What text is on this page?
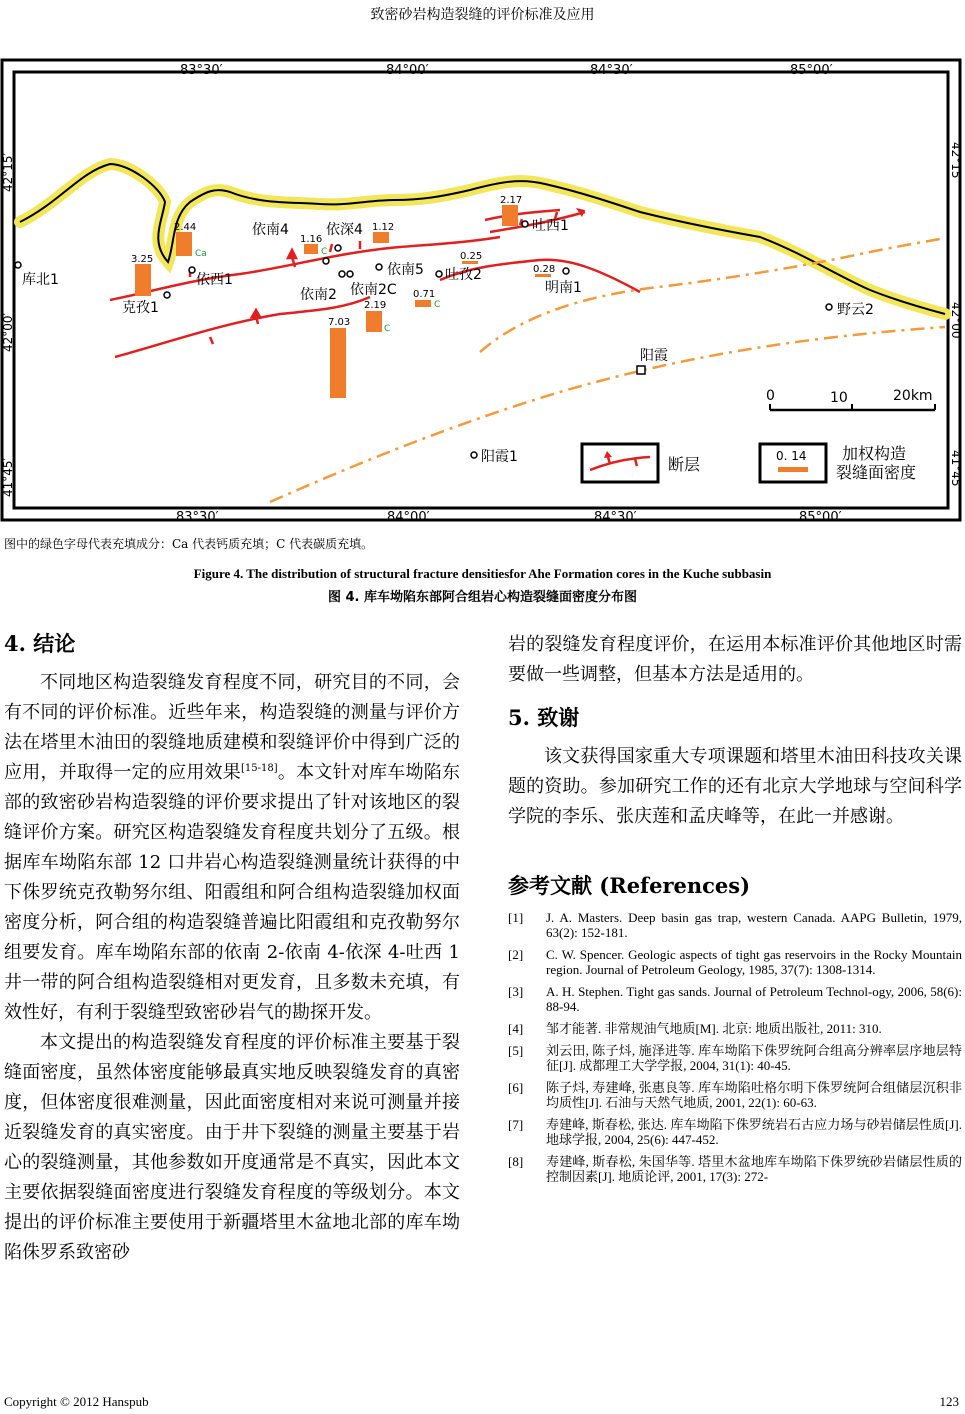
致密砂岩构造裂缝的评价标准及应用
83°30′	84°00′	84°30′	85°00′
83°30′	84°00′	84°30′	85°00′
42°15′
42°00′
41°45′
42°15′
42°00′
41°45′
3.25
2.44
1.16
1.12
2.17
0.25
0.28
2.19
0.71
7.03
Ca	C
C
C
库北1
克孜1
依西1
依南4	依深4
依南5 吐孜2
依南2 依南2C
吐西1
明南1
野云2
阳霞
阳霞1
0	10	20km
断层	0. 14 加权构造
裂缝面密度
图中的绿色字母代表充填成分：Ca 代表钙质充填；C 代表碳质充填。
Figure 4. The distribution of structural fracture densitiesfor Ahe Formation cores in the Kuche subbasin
图 4. 库车坳陷东部阿合组岩心构造裂缝面密度分布图
4. 结论

不同地区构造裂缝发育程度不同，研究目的不同，会有不同的评价标准。近些年来，构造裂缝的测量与评价方法在塔里木油田的裂缝地质建模和裂缝评价中得到广泛的应用，并取得一定的应用效果[15-18]。本文针对库车坳陷东部的致密砂岩构造裂缝的评价要求提出了针对该地区的裂缝评价方案。研究区构造裂缝发育程度共划分了五级。根据库车坳陷东部 12 口井岩心构造裂缝测量统计获得的中下侏罗统克孜勒努尔组、阳霞组和阿合组构造裂缝加权面密度分析，阿合组的构造裂缝普遍比阳霞组和克孜勒努尔组要发育。库车坳陷东部的依南 2-依南 4-依深 4-吐西 1 井一带的阿合组构造裂缝相对更发育，且多数未充填，有效性好，有利于裂缝型致密砂岩气的勘探开发。

本文提出的构造裂缝发育程度的评价标准主要基于裂缝面密度，虽然体密度能够最真实地反映裂缝发育的真密度，但体密度很难测量，因此面密度相对来说可测量并接近裂缝发育的真实密度。由于井下裂缝的测量主要基于岩心的裂缝测量，其他参数如开度通常是不真实，因此本文主要依据裂缝面密度进行裂缝发育程度的等级划分。本文提出的评价标准主要使用于新疆塔里木盆地北部的库车坳陷侏罗系致密砂

岩的裂缝发育程度评价，在运用本标准评价其他地区时需要做一些调整，但基本方法是适用的。

5. 致谢

该文获得国家重大专项课题和塔里木油田科技攻关课题的资助。参加研究工作的还有北京大学地球与空间科学学院的李乐、张庆莲和孟庆峰等，在此一并感谢。

参考文献 (References)
[1]	J. A. Masters. Deep basin gas trap, western Canada. AAPG Bulletin, 1979, 63(2): 152-181.
[2]	C. W. Spencer. Geologic aspects of tight gas reservoirs in the Rocky Mountain region. Journal of Petroleum Geology, 1985, 37(7): 1308-1314.
[3]	A. H. Stephen. Tight gas sands. Journal of Petroleum Technol-ogy, 2006, 58(6): 88-94.
[4]	邹才能著. 非常规油气地质[M]. 北京: 地质出版社, 2011: 310.
[5]	刘云田, 陈子炓, 施泽进等. 库车坳陷下侏罗统阿合组高分辨率层序地层特征[J]. 成都理工大学学报, 2004, 31(1): 40-45.
[6]	陈子炓, 寿建峰, 张惠良等. 库车坳陷吐格尔明下侏罗统阿合组储层沉积非均质性[J]. 石油与天然气地质, 2001, 22(1): 60-63.
[7]	寿建峰, 斯春松, 张达. 库车坳陷下侏罗统岩石古应力场与砂岩储层性质[J]. 地球学报, 2004, 25(6): 447-452.
[8]	寿建峰, 斯春松, 朱国华等. 塔里木盆地库车坳陷下侏罗统砂岩储层性质的控制因素[J]. 地质论评, 2001, 17(3): 272-
Copyright © 2012 Hanspub	123
